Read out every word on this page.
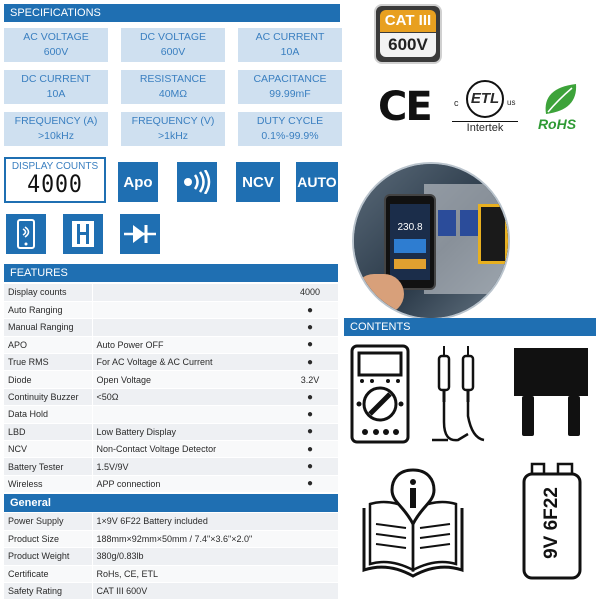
SPECIFICATIONS
AC VOLTAGE
600V
DC VOLTAGE
600V
AC CURRENT
10A
DC CURRENT
10A
RESISTANCE
40MΩ
CAPACITANCE
99.99mF
FREQUENCY (A)
>10kHz
FREQUENCY (V)
>1kHz
DUTY CYCLE
0.1%-99.9%
DISPLAY COUNTS
4000	Apo	NCV AUTO
CAT III
600V
CE	ETL
c	us
Intertek	RoHS
230.8
FEATURES
Display counts		4000
Auto Ranging		●
Manual Ranging		●
APO	Auto Power OFF	●
True RMS	For AC Voltage & AC Current	●
Diode	Open Voltage	3.2V
Continuity Buzzer	<50Ω	●
Data Hold		●
LBD	Low Battery Display	●
NCV	Non-Contact Voltage Detector	●
Battery Tester	1.5V/9V	●
Wireless	APP connection	●
General
Power Supply	1×9V 6F22 Battery included
Product Size	188mm×92mm×50mm / 7.4"×3.6"×2.0"
Product Weight	380g/0.83lb
Certificate	RoHs, CE, ETL
Safety Rating	CAT III 600V
CONTENTS
9V 6F22
